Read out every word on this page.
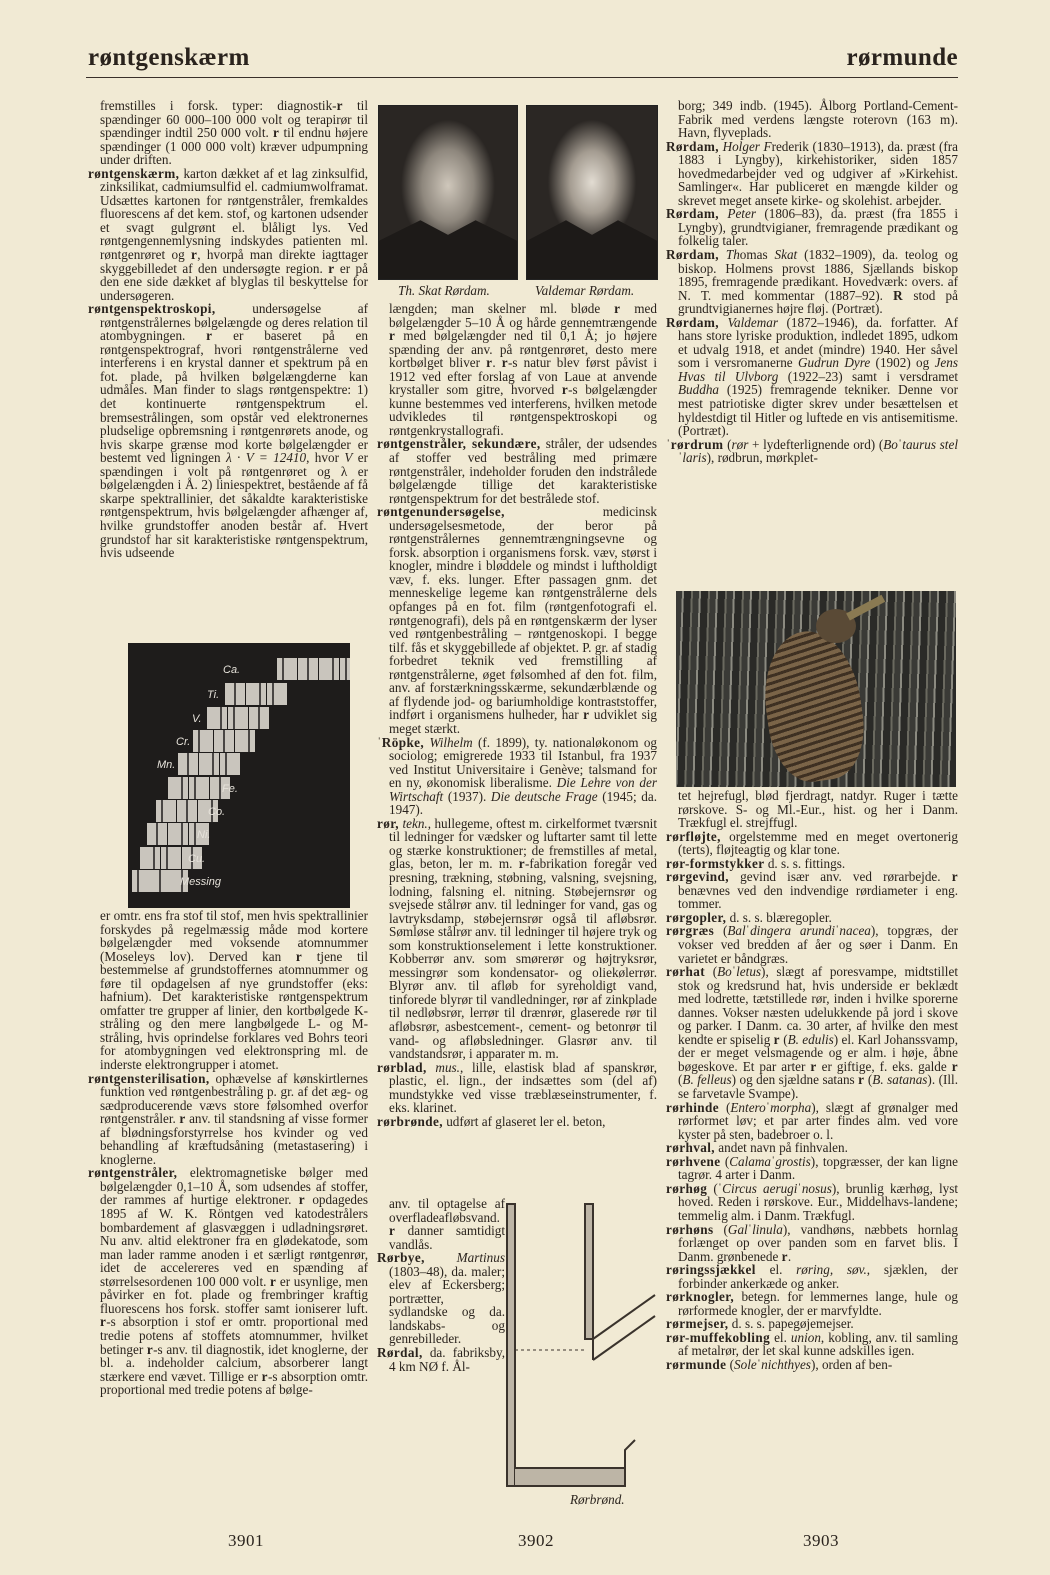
røntgenskærm	rørmunde

fremstilles i forsk. typer: diagnostik-r til spændinger 60 000–100 000 volt og terapirør til spændinger indtil 250 000 volt. r til endnu højere spændinger (1 000 000 volt) kræver udpumpning under driften.

røntgenskærm, karton dækket af et lag zinksulfid, zinksilikat, cadmiumsulfid el. cadmiumwolframat. Udsættes kartonen for røntgenstråler, fremkaldes fluorescens af det kem. stof, og kartonen udsender et svagt gulgrønt el. blåligt lys. Ved røntgengennemlysning indskydes patienten ml. røntgenrøret og r, hvorpå man direkte iagttager skyggebilledet af den undersøgte region. r er på den ene side dækket af blyglas til beskyttelse for undersøgeren.

røntgenspektroskopi, undersøgelse af røntgenstrålernes bølgelængde og deres relation til atombygningen. r er baseret på en røntgenspektrograf, hvori røntgenstrålerne ved interferens i en krystal danner et spektrum på en fot. plade, på hvilken bølgelængderne kan udmåles. Man finder to slags røntgenspektre: 1) det kontinuerte røntgenspektrum el. bremsestrålingen, som opstår ved elektronernes pludselige opbremsning i røntgenrørets anode, og hvis skarpe grænse mod korte bølgelængder er bestemt ved ligningen λ · V = 12410, hvor V er spændingen i volt på røntgenrøret og λ er bølgelængden i Å. 2) liniespektret, bestående af få skarpe spektrallinier, det såkaldte karakteristiske røntgenspektrum, hvis bølgelængder afhænger af, hvilke grundstoffer anoden består af. Hvert grundstof har sit karakteristiske røntgenspektrum, hvis udseende

Ca.
Ti.
V.
Cr.
Mn.
Fe.
Co.
Ni.
Cu.
Messing

er omtr. ens fra stof til stof, men hvis spektrallinier forskydes på regelmæssig måde mod kortere bølgelængder med voksende atomnummer (Moseleys lov). Derved kan r tjene til bestemmelse af grundstoffernes atomnummer og føre til opdagelsen af nye grundstoffer (eks: hafnium). Det karakteristiske røntgenspektrum omfatter tre grupper af linier, den kortbølgede K-stråling og den mere langbølgede L- og M-stråling, hvis oprindelse forklares ved Bohrs teori for atombygningen ved elektronspring ml. de inderste elektrongrupper i atomet.

røntgensterilisation, ophævelse af kønskirtlernes funktion ved røntgenbestråling p. gr. af det æg- og sædproducerende vævs store følsomhed overfor røntgenstråler. r anv. til standsning af visse former af blødningsforstyrrelse hos kvinder og ved behandling af kræftudsåning (metastasering) i knoglerne.

røntgenstråler, elektromagnetiske bølger med bølgelængder 0,1–10 Å, som udsendes af stoffer, der rammes af hurtige elektroner. r opdagedes 1895 af W. K. Röntgen ved katodestrålers bombardement af glasvæggen i udladningsrøret. Nu anv. altid elektroner fra en glødekatode, som man lader ramme anoden i et særligt røntgenrør, idet de accelereres ved en spænding af størrelsesordenen 100 000 volt. r er usynlige, men påvirker en fot. plade og frembringer kraftig fluorescens hos forsk. stoffer samt ioniserer luft. r-s absorption i stof er omtr. proportional med tredie potens af stoffets atomnummer, hvilket betinger r-s anv. til diagnostik, idet knoglerne, der bl. a. indeholder calcium, absorberer langt stærkere end vævet. Tillige er r-s absorption omtr. proportional med tredie potens af bølge-

Th. Skat Rørdam.	Valdemar Rørdam.

længden; man skelner ml. bløde r med bølgelængder 5–10 Å og hårde gennemtrængende r med bølgelængder ned til 0,1 Å; jo højere spænding der anv. på røntgenrøret, desto mere kortbølget bliver r. r-s natur blev først påvist i 1912 ved efter forslag af von Laue at anvende krystaller som gitre, hvorved r-s bølgelængder kunne bestemmes ved interferens, hvilken metode udvikledes til røntgenspektroskopi og røntgenkrystallografi.

røntgenstråler, sekundære, stråler, der udsendes af stoffer ved bestråling med primære røntgenstråler, indeholder foruden den indstrålede bølgelængde tillige det karakteristiske røntgenspektrum for det bestrålede stof.

røntgenundersøgelse, medicinsk undersøgelsesmetode, der beror på røntgenstrålernes gennemtrængningsevne og forsk. absorption i organismens forsk. væv, størst i knogler, mindre i bløddele og mindst i luftholdigt væv, f. eks. lunger. Efter passagen gnm. det menneskelige legeme kan røntgenstrålerne dels opfanges på en fot. film (røntgenfotografi el. røntgenografi), dels på en røntgenskærm der lyser ved røntgenbestråling – røntgenoskopi. I begge tilf. fås et skyggebillede af objektet. P. gr. af stadig forbedret teknik ved fremstilling af røntgenstrålerne, øget følsomhed af den fot. film, anv. af forstærkningsskærme, sekundærblænde og af flydende jod- og bariumholdige kontraststoffer, indført i organismens hulheder, har r udviklet sig meget stærkt.

ˈRöpke, Wilhelm (f. 1899), ty. nationaløkonom og sociolog; emigrerede 1933 til Istanbul, fra 1937 ved Institut Universitaire i Genève; talsmand for en ny, økonomisk liberalisme. Die Lehre von der Wirtschaft (1937). Die deutsche Frage (1945; da. 1947).

rør, tekn., hullegeme, oftest m. cirkelformet tværsnit til ledninger for vædsker og luftarter samt til lette og stærke konstruktioner; de fremstilles af metal, glas, beton, ler m. m. r-fabrikation foregår ved presning, trækning, støbning, valsning, svejsning, lodning, falsning el. nitning. Støbejernsrør og svejsede stålrør anv. til ledninger for vand, gas og lavtryksdamp, støbejernsrør også til afløbsrør. Sømløse stålrør anv. til ledninger til højere tryk og som konstruktionselement i lette konstruktioner. Kobberrør anv. som smørerør og højtryksrør, messingrør som kondensator- og oliekølerrør. Blyrør anv. til afløb for syreholdigt vand, tinforede blyrør til vandledninger, rør af zinkplade til nedløbsrør, lerrør til drænrør, glaserede rør til afløbsrør, asbestcement-, cement- og betonrør til vand- og afløbsledninger. Glasrør anv. til vandstandsrør, i apparater m. m.

rørblad, mus., lille, elastisk blad af spanskrør, plastic, el. lign., der indsættes som (del af) mundstykke ved visse træblæseinstrumenter, f. eks. klarinet.

rørbrønde, udført af glaseret ler el. beton,

anv. til optagelse af overfladeafløbsvand. r danner samtidigt vandlås.

Rørbye, Martinus (1803–48), da. maler; elev af Eckersberg; portrætter, sydlandske og da. landskabs- og genrebilleder.

Rørdal, da. fabriksby, 4 km NØ f. Ål-

Rørbrønd.

borg; 349 indb. (1945). Ålborg Portland-Cement-Fabrik med verdens længste roterovn (163 m). Havn, flyveplads.

Rørdam, Holger Frederik (1830–1913), da. præst (fra 1883 i Lyngby), kirkehistoriker, siden 1857 hovedmedarbejder ved og udgiver af »Kirkehist. Samlinger«. Har publiceret en mængde kilder og skrevet meget ansete kirke- og skolehist. arbejder.

Rørdam, Peter (1806–83), da. præst (fra 1855 i Lyngby), grundtvigianer, fremragende prædikant og folkelig taler.

Rørdam, Thomas Skat (1832–1909), da. teolog og biskop. Holmens provst 1886, Sjællands biskop 1895, fremragende prædikant. Hovedværk: overs. af N. T. med kommentar (1887–92). R stod på grundtvigianernes højre fløj. (Portræt).

Rørdam, Valdemar (1872–1946), da. forfatter. Af hans store lyriske produktion, indledet 1895, udkom et udvalg 1918, et andet (mindre) 1940. Her såvel som i versromanerne Gudrun Dyre (1902) og Jens Hvas til Ulvborg (1922–23) samt i versdramet Buddha (1925) fremragende tekniker. Denne vor mest patriotiske digter skrev under besættelsen et hyldestdigt til Hitler og luftede en vis antisemitisme. (Portræt).

ˈrørdrum (rør + lydefterlignende ord) (Boˈtaurus stelˈlaris), rødbrun, mørkplet-

tet hejrefugl, blød fjerdragt, natdyr. Ruger i tætte rørskove. S- og Ml.-Eur., hist. og her i Danm. Trækfugl el. strejffugl.

rørfløjte, orgelstemme med en meget overtonerig (terts), fløjteagtig og klar tone.

rør-formstykker d. s. s. fittings.

rørgevind, gevind især anv. ved rørarbejde. r benævnes ved den indvendige rørdiameter i eng. tommer.

rørgopler, d. s. s. blæregopler.

rørgræs (Balˈdingera arundiˈnacea), topgræs, der vokser ved bredden af åer og søer i Danm. En varietet er båndgræs.

rørhat (Boˈletus), slægt af poresvampe, midtstillet stok og kredsrund hat, hvis underside er beklædt med lodrette, tætstillede rør, inden i hvilke sporerne dannes. Vokser næsten udelukkende på jord i skove og parker. I Danm. ca. 30 arter, af hvilke den mest kendte er spiselig r (B. edulis) el. Karl Johanssvamp, der er meget velsmagende og er alm. i høje, åbne bøgeskove. Et par arter r er giftige, f. eks. galde r (B. felleus) og den sjældne satans r (B. satanas). (Ill. se farvetavle Svampe).

rørhinde (Enteroˈmorpha), slægt af grønalger med rørformet løv; et par arter findes alm. ved vore kyster på sten, badebroer o. l.

rørhval, andet navn på finhvalen.

rørhvene (Calamaˈgrostis), topgræsser, der kan ligne tagrør. 4 arter i Danm.

rørhøg (ˈCircus aerugiˈnosus), brunlig kærhøg, lyst hoved. Reden i rørskove. Eur., Middelhavs-landene; temmelig alm. i Danm. Trækfugl.

rørhøns (Galˈlinula), vandhøns, næbbets hornlag forlænget op over panden som en farvet blis. I Danm. grønbenede r.

røringssjækkel el. røring, søv., sjæklen, der forbinder ankerkæde og anker.

rørknogler, betegn. for lemmernes lange, hule og rørformede knogler, der er marvfyldte.

rørmejser, d. s. s. papegøjemejser.

rør-muffekobling el. union, kobling, anv. til samling af metalrør, der let skal kunne adskilles igen.

rørmunde (Soleˈnichthyes), orden af ben-

3901	3902	3903
